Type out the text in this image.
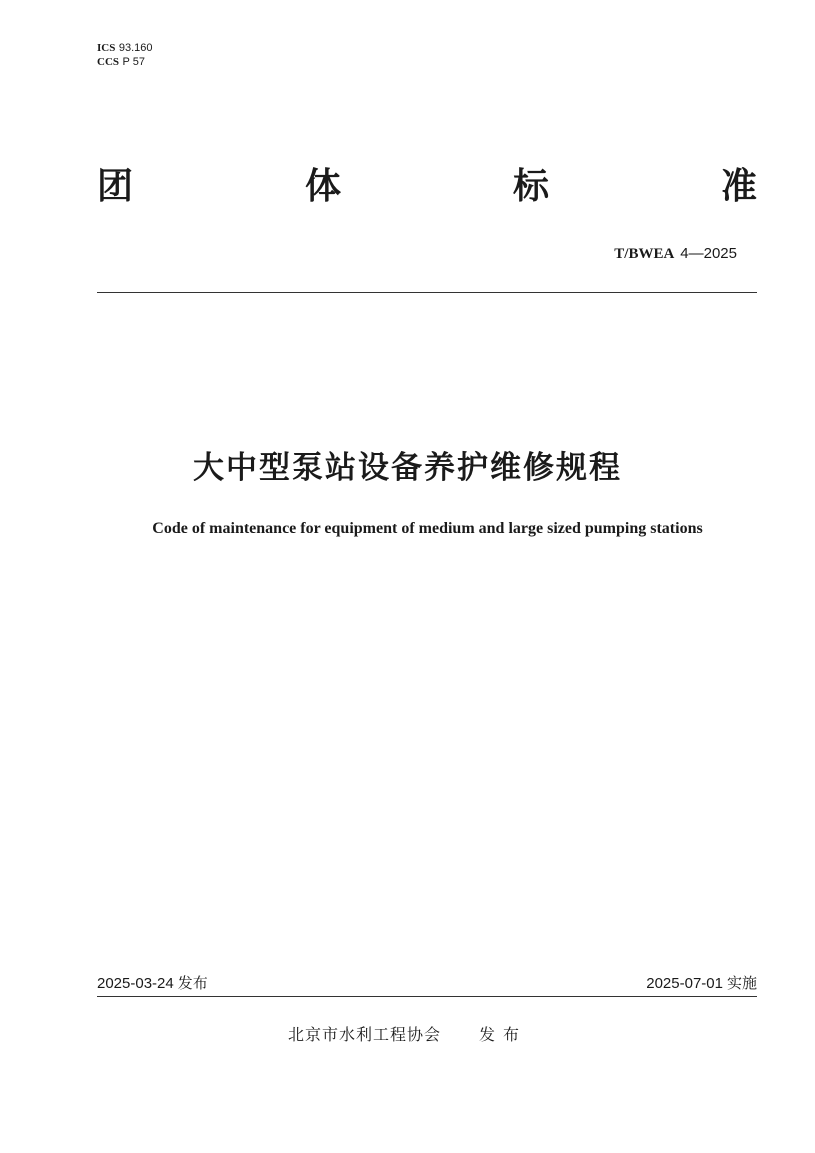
ICS 93.160
CCS P 57
团	体	标	准
T/BWEA 4—2025
大中型泵站设备养护维修规程
Code of maintenance for equipment of medium and large sized pumping stations
2025-03-24 发布	2025-07-01 实施
北京市水利工程协会 发布
